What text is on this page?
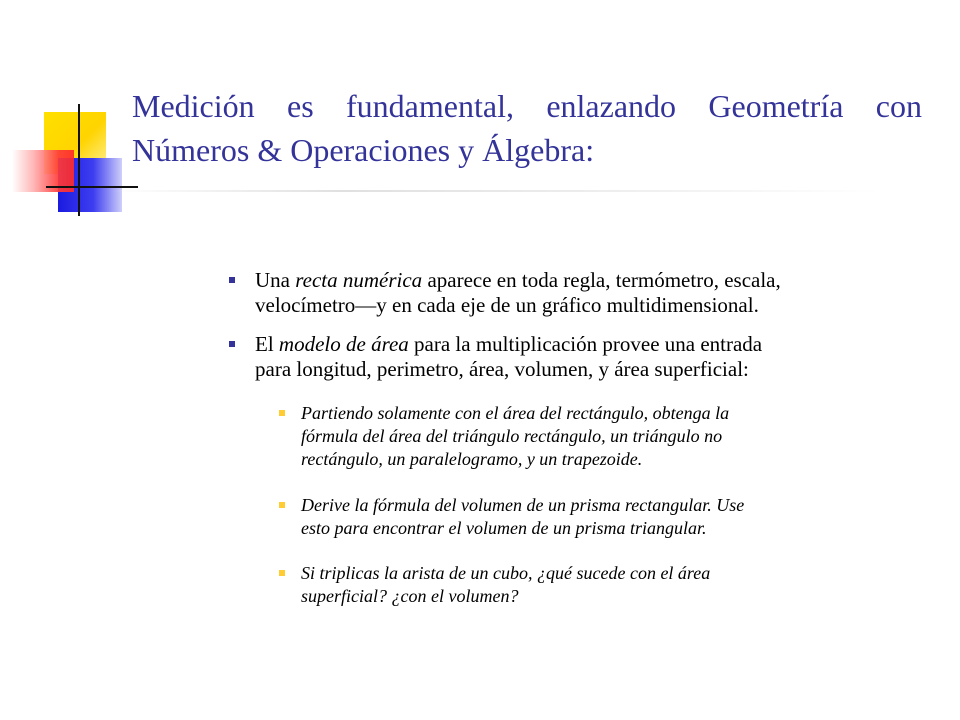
Medición es fundamental, enlazando Geometría con
Números & Operaciones y Álgebra:
Una recta numérica aparece en toda regla, termómetro, escala,
velocímetro—y en cada eje de un gráfico multidimensional.
El modelo de área para la multiplicación provee una entrada
para longitud, perimetro, área, volumen, y área superficial:
Partiendo solamente con el área del rectángulo, obtenga la
fórmula del área del triángulo rectángulo, un triángulo no
rectángulo, un paralelogramo, y un trapezoide.
Derive la fórmula del volumen de un prisma rectangular. Use
esto para encontrar el volumen de un prisma triangular.
Si triplicas la arista de un cubo, ¿qué sucede con el área
superficial? ¿con el volumen?
